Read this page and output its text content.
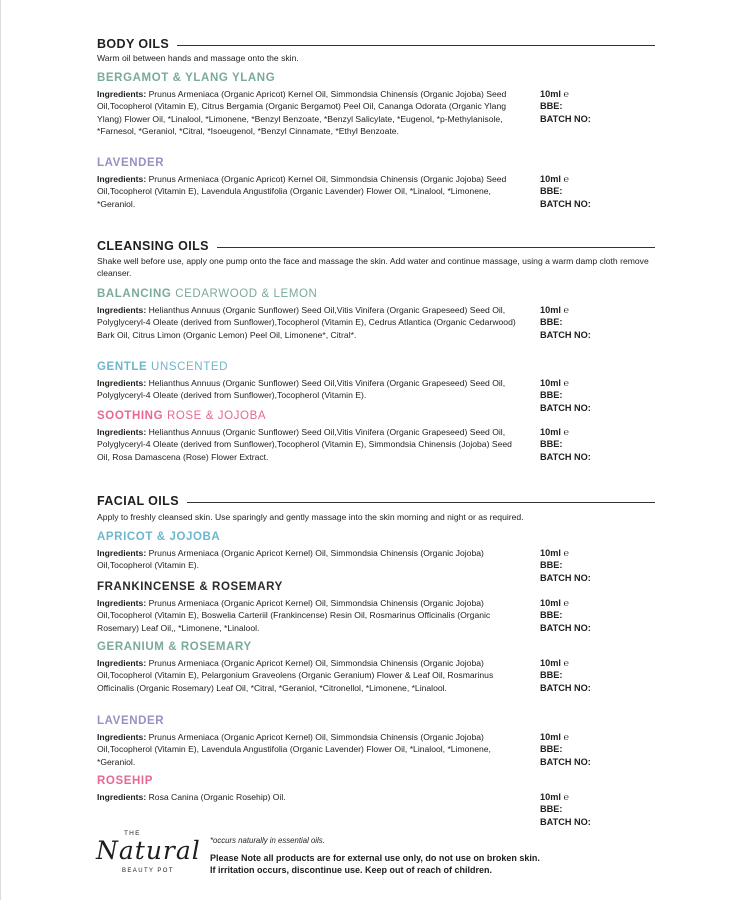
BODY OILS
Warm oil between hands and massage onto the skin.
BERGAMOT & YLANG YLANG
Ingredients: Prunus Armeniaca (Organic Apricot) Kernel Oil, Simmondsia Chinensis (Organic Jojoba) Seed Oil,Tocopherol (Vitamin E), Citrus Bergamia (Organic Bergamot) Peel Oil, Cananga Odorata (Organic Ylang Ylang) Flower Oil, *Linalool, *Limonene, *Benzyl Benzoate, *Benzyl Salicylate, *Eugenol, *p-Methylanisole, *Farnesol, *Geraniol, *Citral, *Isoeugenol, *Benzyl Cinnamate, *Ethyl Benzoate.
10ml ℮
BBE:
BATCH NO:
LAVENDER
Ingredients: Prunus Armeniaca (Organic Apricot) Kernel Oil, Simmondsia Chinensis (Organic Jojoba) Seed Oil,Tocopherol (Vitamin E), Lavendula Angustifolia (Organic Lavender) Flower Oil, *Linalool, *Limonene, *Geraniol.
10ml ℮
BBE:
BATCH NO:
CLEANSING OILS
Shake well before use, apply one pump onto the face and massage the skin. Add water and continue massage, using a warm damp cloth remove cleanser.
BALANCING CEDARWOOD & LEMON
Ingredients: Helianthus Annuus (Organic Sunflower) Seed Oil,Vitis Vinifera (Organic Grapeseed) Seed Oil, Polyglyceryl-4 Oleate (derived from Sunflower),Tocopherol (Vitamin E), Cedrus Atlantica (Organic Cedarwood) Bark Oil, Citrus Limon (Organic Lemon) Peel Oil, Limonene*, Citral*.
10ml ℮
BBE:
BATCH NO:
GENTLE UNSCENTED
Ingredients: Helianthus Annuus (Organic Sunflower) Seed Oil,Vitis Vinifera (Organic Grapeseed) Seed Oil, Polyglyceryl-4 Oleate (derived from Sunflower),Tocopherol (Vitamin E).
10ml ℮
BBE:
BATCH NO:
SOOTHING ROSE & JOJOBA
Ingredients: Helianthus Annuus (Organic Sunflower) Seed Oil,Vitis Vinifera (Organic Grapeseed) Seed Oil, Polyglyceryl-4 Oleate (derived from Sunflower),Tocopherol (Vitamin E), Simmondsia Chinensis (Jojoba) Seed Oil, Rosa Damascena (Rose) Flower Extract.
10ml ℮
BBE:
BATCH NO:
FACIAL OILS
Apply to freshly cleansed skin. Use sparingly and gently massage into the skin morning and night or as required.
APRICOT & JOJOBA
Ingredients: Prunus Armeniaca (Organic Apricot Kernel) Oil, Simmondsia Chinensis (Organic Jojoba) Oil,Tocopherol (Vitamin E).
10ml ℮
BBE:
BATCH NO:
FRANKINCENSE & ROSEMARY
Ingredients: Prunus Armeniaca (Organic Apricot Kernel) Oil, Simmondsia Chinensis (Organic Jojoba) Oil,Tocopherol (Vitamin E), Boswelia Carteriil (Frankincense) Resin Oil, Rosmarinus Officinalis (Organic Rosemary) Leaf Oil,, *Limonene, *Linalool.
10ml ℮
BBE:
BATCH NO:
GERANIUM & ROSEMARY
Ingredients: Prunus Armeniaca (Organic Apricot Kernel) Oil, Simmondsia Chinensis (Organic Jojoba) Oil,Tocopherol (Vitamin E), Pelargonium Graveolens (Organic Geranium) Flower & Leaf Oil, Rosmarinus Officinalis (Organic Rosemary) Leaf Oil, *Citral, *Geraniol, *Citronellol, *Limonene, *Linalool.
10ml ℮
BBE:
BATCH NO:
LAVENDER
Ingredients: Prunus Armeniaca (Organic Apricot Kernel) Oil, Simmondsia Chinensis (Organic Jojoba) Oil,Tocopherol (Vitamin E), Lavendula Angustifolia (Organic Lavender) Flower Oil, *Linalool, *Limonene, *Geraniol.
10ml ℮
BBE:
BATCH NO:
ROSEHIP
Ingredients: Rosa Canina (Organic Rosehip) Oil.	10ml ℮
BBE:
BATCH NO:
THE
Natural
BEAUTY POT
*occurs naturally in essential oils.
Please Note all products are for external use only, do not use on broken skin.
If irritation occurs, discontinue use. Keep out of reach of children.
